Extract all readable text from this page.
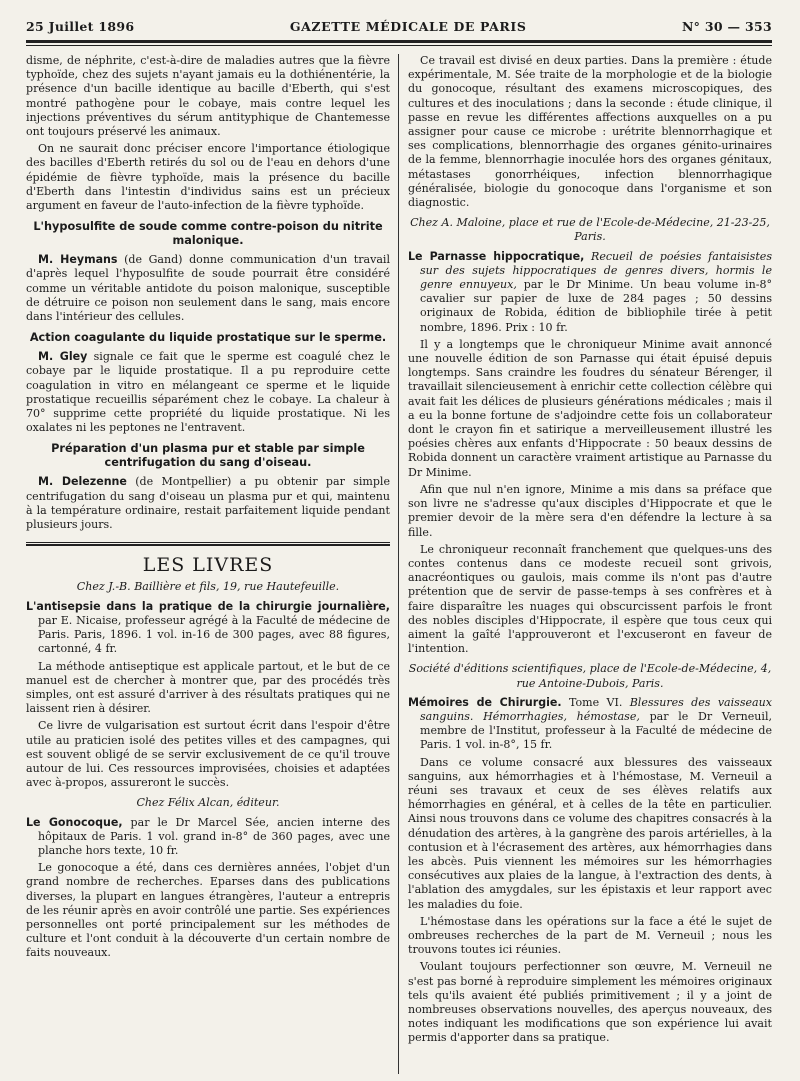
25 Juillet 1896	GAZETTE MÉDICALE DE PARIS	N° 30 — 353

disme, de néphrite, c'est-à-dire de maladies autres que la fièvre typhoïde, chez des sujets n'ayant jamais eu la dothiénentérie, la présence d'un bacille identique au bacille d'Eberth, qui s'est montré pathogène pour le cobaye, mais contre lequel les injections préventives du sérum antityphique de Chantemesse ont toujours préservé les animaux.

On ne saurait donc préciser encore l'importance étiologique des bacilles d'Eberth retirés du sol ou de l'eau en dehors d'une épidémie de fièvre typhoïde, mais la présence du bacille d'Eberth dans l'intestin d'individus sains est un précieux argument en faveur de l'auto-infection de la fièvre typhoïde.

L'hyposulfite de soude comme contre-poison du nitrite malonique.

M. Heymans (de Gand) donne communication d'un travail d'après lequel l'hyposulfite de soude pourrait être considéré comme un véritable antidote du poison malonique, susceptible de détruire ce poison non seulement dans le sang, mais encore dans l'intérieur des cellules.

Action coagulante du liquide prostatique sur le sperme.

M. Gley signale ce fait que le sperme est coagulé chez le cobaye par le liquide prostatique. Il a pu reproduire cette coagulation in vitro en mélangeant ce sperme et le liquide prostatique recueillis séparément chez le cobaye. La chaleur à 70° supprime cette propriété du liquide prostatique. Ni les oxalates ni les peptones ne l'entravent.

Préparation d'un plasma pur et stable par simple centrifugation du sang d'oiseau.

M. Delezenne (de Montpellier) a pu obtenir par simple centrifugation du sang d'oiseau un plasma pur et qui, maintenu à la température ordinaire, restait parfaitement liquide pendant plusieurs jours.

LES LIVRES
Chez J.-B. Baillière et fils, 19, rue Hautefeuille.

L'antisepsie dans la pratique de la chirurgie journalière, par E. Nicaise, professeur agrégé à la Faculté de médecine de Paris. Paris, 1896. 1 vol. in-16 de 300 pages, avec 88 figures, cartonné, 4 fr.

La méthode antiseptique est applicale partout, et le but de ce manuel est de chercher à montrer que, par des procédés très simples, ont est assuré d'arriver à des résultats pratiques qui ne laissent rien à désirer.

Ce livre de vulgarisation est surtout écrit dans l'espoir d'être utile au praticien isolé des petites villes et des campagnes, qui est souvent obligé de se servir exclusivement de ce qu'il trouve autour de lui. Ces ressources improvisées, choisies et adaptées avec à-propos, assureront le succès.

Chez Félix Alcan, éditeur.

Le Gonocoque, par le Dr Marcel Sée, ancien interne des hôpitaux de Paris. 1 vol. grand in-8° de 360 pages, avec une planche hors texte, 10 fr.

Le gonocoque a été, dans ces dernières années, l'objet d'un grand nombre de recherches. Eparses dans des publications diverses, la plupart en langues étrangères, l'auteur a entrepris de les réunir après en avoir contrôlé une partie. Ses expériences personnelles ont porté principalement sur les méthodes de culture et l'ont conduit à la découverte d'un certain nombre de faits nouveaux.

Ce travail est divisé en deux parties. Dans la première : étude expérimentale, M. Sée traite de la morphologie et de la biologie du gonocoque, résultant des examens microscopiques, des cultures et des inoculations ; dans la seconde : étude clinique, il passe en revue les différentes affections auxquelles on a pu assigner pour cause ce microbe : urétrite blennorrhagique et ses complications, blennorrhagie des organes génito-urinaires de la femme, blennorrhagie inoculée hors des organes génitaux, métastases gonorrhéiques, infection blennorrhagique généralisée, biologie du gonocoque dans l'organisme et son diagnostic.

Chez A. Maloine, place et rue de l'Ecole-de-Médecine, 21-23-25, Paris.

Le Parnasse hippocratique, Recueil de poésies fantaisistes sur des sujets hippocratiques de genres divers, hormis le genre ennuyeux, par le Dr Minime. Un beau volume in-8° cavalier sur papier de luxe de 284 pages ; 50 dessins originaux de Robida, édition de bibliophile tirée à petit nombre, 1896. Prix : 10 fr.

Il y a longtemps que le chroniqueur Minime avait annoncé une nouvelle édition de son Parnasse qui était épuisé depuis longtemps. Sans craindre les foudres du sénateur Bérenger, il travaillait silencieusement à enrichir cette collection célèbre qui avait fait les délices de plusieurs générations médicales ; mais il a eu la bonne fortune de s'adjoindre cette fois un collaborateur dont le crayon fin et satirique a merveilleusement illustré les poésies chères aux enfants d'Hippocrate : 50 beaux dessins de Robida donnent un caractère vraiment artistique au Parnasse du Dr Minime.

Afin que nul n'en ignore, Minime a mis dans sa préface que son livre ne s'adresse qu'aux disciples d'Hippocrate et que le premier devoir de la mère sera d'en défendre la lecture à sa fille.

Le chroniqueur reconnaît franchement que quelques-uns des contes contenus dans ce modeste recueil sont grivois, anacréontiques ou gaulois, mais comme ils n'ont pas d'autre prétention que de servir de passe-temps à ses confrères et à faire disparaître les nuages qui obscurcissent parfois le front des nobles disciples d'Hippocrate, il espère que tous ceux qui aiment la gaîté l'approuveront et l'excuseront en faveur de l'intention.

Société d'éditions scientifiques, place de l'Ecole-de-Médecine, 4, rue Antoine-Dubois, Paris.

Mémoires de Chirurgie. Tome VI. Blessures des vaisseaux sanguins. Hémorrhagies, hémostase, par le Dr Verneuil, membre de l'Institut, professeur à la Faculté de médecine de Paris. 1 vol. in-8°, 15 fr.

Dans ce volume consacré aux blessures des vaisseaux sanguins, aux hémorrhagies et à l'hémostase, M. Verneuil a réuni ses travaux et ceux de ses élèves relatifs aux hémorrhagies en général, et à celles de la tête en particulier. Ainsi nous trouvons dans ce volume des chapitres consacrés à la dénudation des artères, à la gangrène des parois artérielles, à la contusion et à l'écrasement des artères, aux hémorrhagies dans les abcès. Puis viennent les mémoires sur les hémorrhagies consécutives aux plaies de la langue, à l'extraction des dents, à l'ablation des amygdales, sur les épistaxis et leur rapport avec les maladies du foie.

L'hémostase dans les opérations sur la face a été le sujet de ombreuses recherches de la part de M. Verneuil ; nous les trouvons toutes ici réunies.

Voulant toujours perfectionner son œuvre, M. Verneuil ne s'est pas borné à reproduire simplement les mémoires originaux tels qu'ils avaient été publiés primitivement ; il y a joint de nombreuses observations nouvelles, des aperçus nouveaux, des notes indiquant les modifications que son expérience lui avait permis d'apporter dans sa pratique.
